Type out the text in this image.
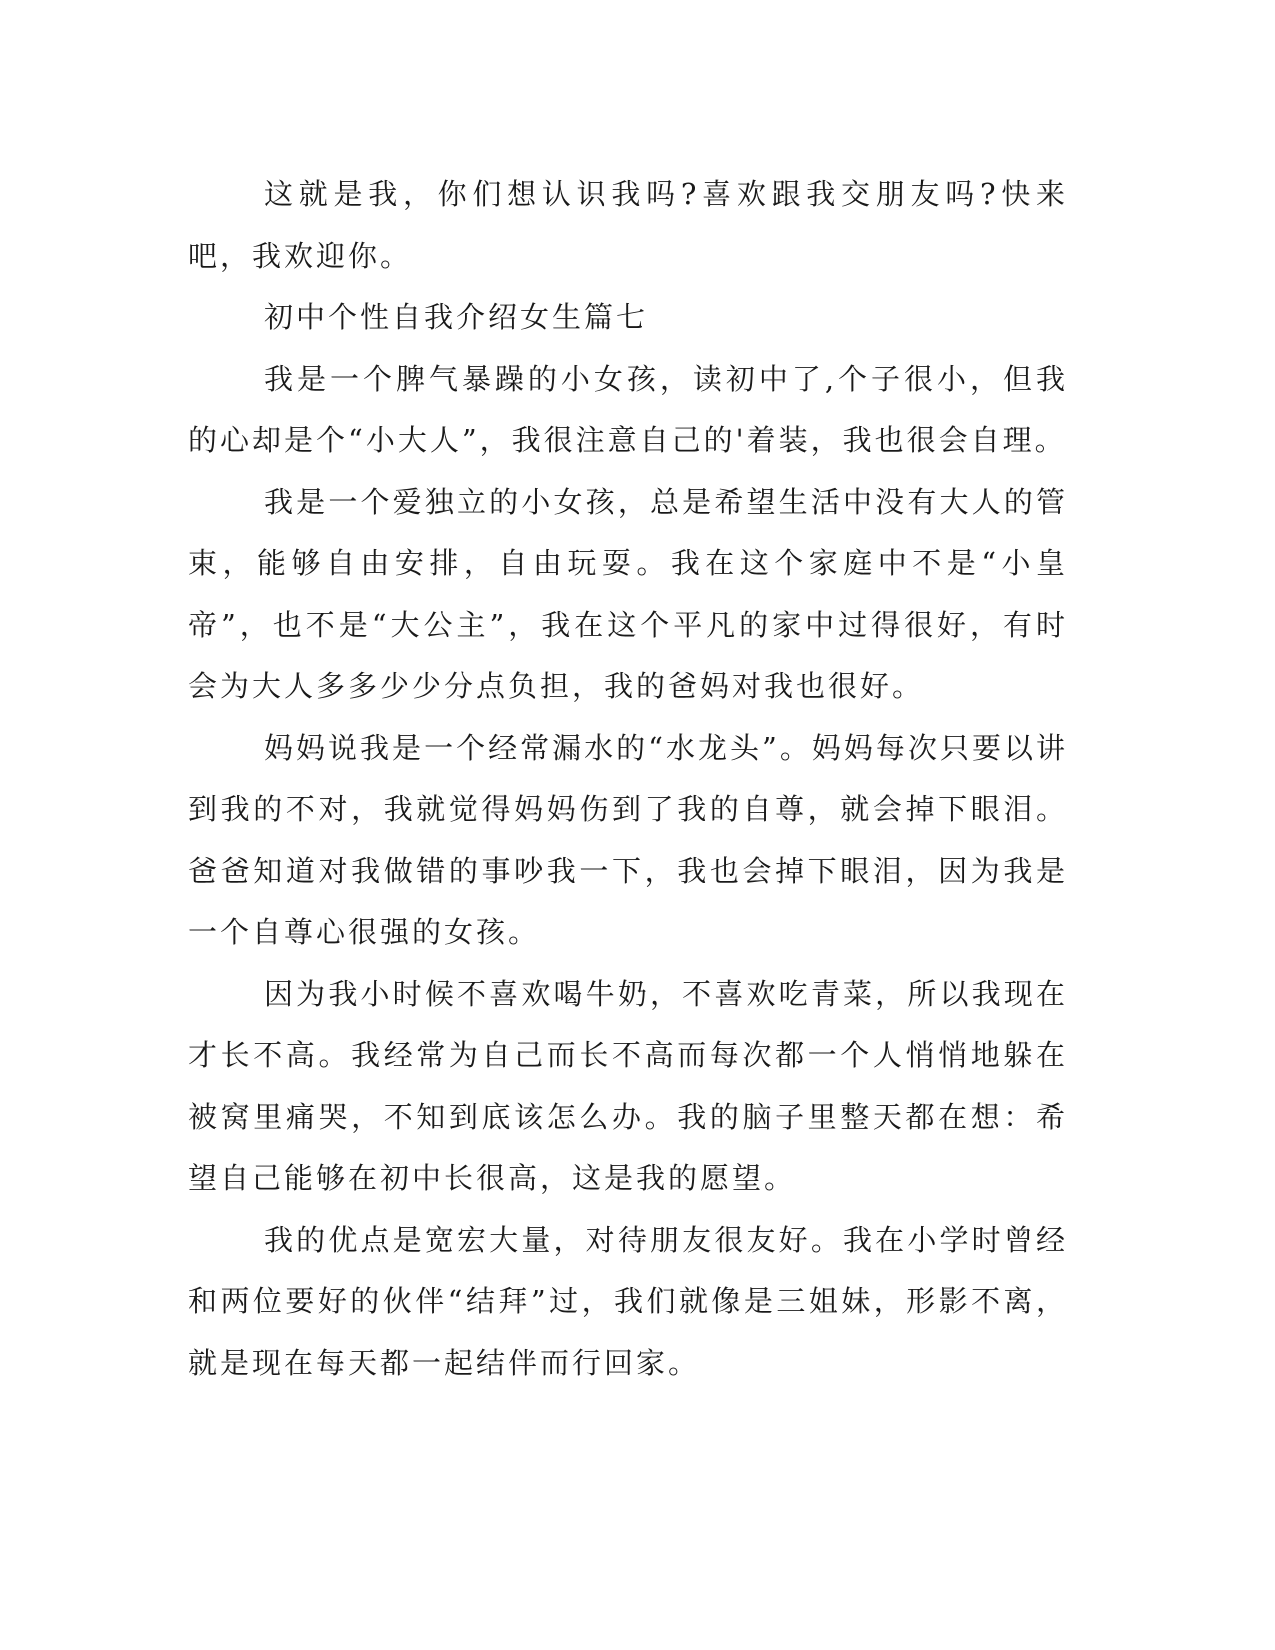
这就是我，你们想认识我吗?喜欢跟我交朋友吗?快来吧，我欢迎你。

初中个性自我介绍女生篇七

我是一个脾气暴躁的小女孩，读初中了,个子很小，但我的心却是个“小大人”，我很注意自己的'着装，我也很会自理。

我是一个爱独立的小女孩，总是希望生活中没有大人的管束，能够自由安排，自由玩耍。我在这个家庭中不是“小皇帝”，也不是“大公主”，我在这个平凡的家中过得很好，有时会为大人多多少少分点负担，我的爸妈对我也很好。

妈妈说我是一个经常漏水的“水龙头”。妈妈每次只要以讲到我的不对，我就觉得妈妈伤到了我的自尊，就会掉下眼泪。爸爸知道对我做错的事吵我一下，我也会掉下眼泪，因为我是一个自尊心很强的女孩。

因为我小时候不喜欢喝牛奶，不喜欢吃青菜，所以我现在才长不高。我经常为自己而长不高而每次都一个人悄悄地躲在被窝里痛哭，不知到底该怎么办。我的脑子里整天都在想：希望自己能够在初中长很高，这是我的愿望。

我的优点是宽宏大量，对待朋友很友好。我在小学时曾经和两位要好的伙伴“结拜”过，我们就像是三姐妹，形影不离，就是现在每天都一起结伴而行回家。
